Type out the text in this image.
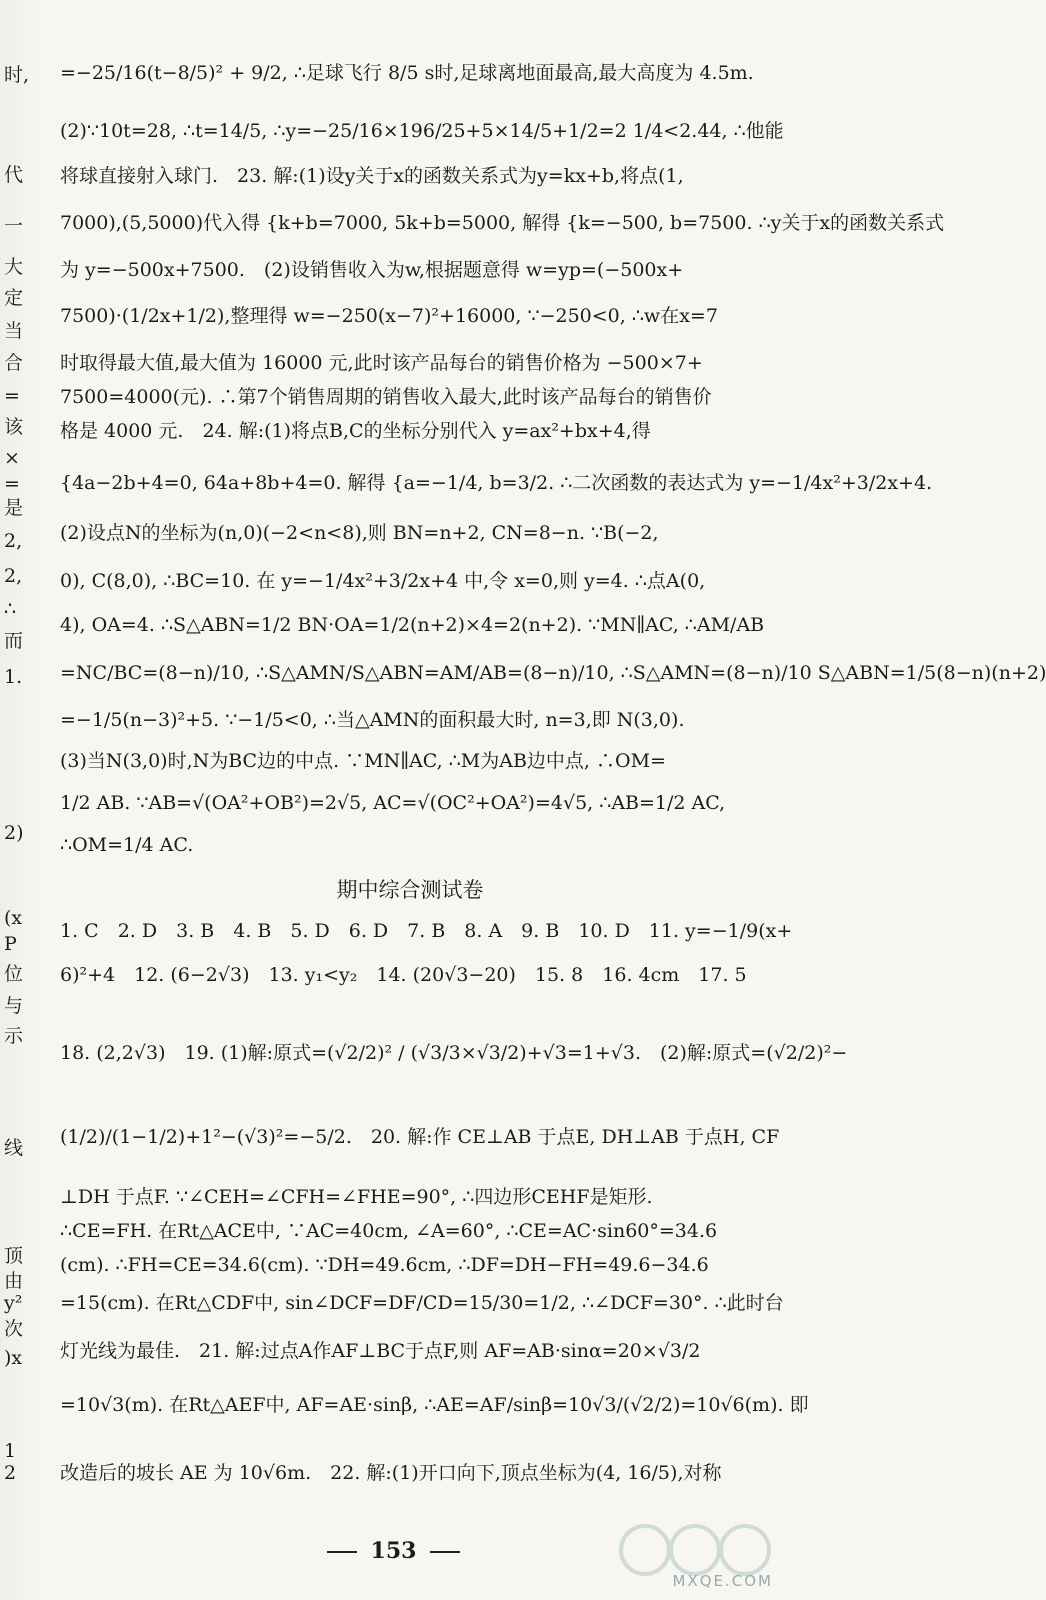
时,
代
一
大
定
当
合
=
该
×
=
是
2,
2,
∴
而
1.
2)
(x
P
位
与
示
线
顶
由
y²
次
)x
1
2
期中综合测试卷
=−25/16(t−8/5)² + 9/2, ∴足球飞行 8/5 s时,足球离地面最高,最大高度为 4.5m.
(2)∵10t=28, ∴t=14/5, ∴y=−25/16×196/25+5×14/5+1/2=2 1/4<2.44, ∴他能
将球直接射入球门.　23. 解:(1)设y关于x的函数关系式为y=kx+b,将点(1,
7000),(5,5000)代入得 {k+b=7000, 5k+b=5000, 解得 {k=−500, b=7500. ∴y关于x的函数关系式
为 y=−500x+7500.　(2)设销售收入为w,根据题意得 w=yp=(−500x+
7500)·(1/2x+1/2),整理得 w=−250(x−7)²+16000, ∵−250<0, ∴w在x=7
时取得最大值,最大值为 16000 元,此时该产品每台的销售价格为 −500×7+
7500=4000(元). ∴第7个销售周期的销售收入最大,此时该产品每台的销售价
格是 4000 元.　24. 解:(1)将点B,C的坐标分别代入 y=ax²+bx+4,得
{4a−2b+4=0, 64a+8b+4=0. 解得 {a=−1/4, b=3/2. ∴二次函数的表达式为 y=−1/4x²+3/2x+4.
(2)设点N的坐标为(n,0)(−2<n<8),则 BN=n+2, CN=8−n. ∵B(−2,
0), C(8,0), ∴BC=10. 在 y=−1/4x²+3/2x+4 中,令 x=0,则 y=4. ∴点A(0,
4), OA=4. ∴S△ABN=1/2 BN·OA=1/2(n+2)×4=2(n+2). ∵MN∥AC, ∴AM/AB
=NC/BC=(8−n)/10, ∴S△AMN/S△ABN=AM/AB=(8−n)/10, ∴S△AMN=(8−n)/10 S△ABN=1/5(8−n)(n+2)
=−1/5(n−3)²+5. ∵−1/5<0, ∴当△AMN的面积最大时, n=3,即 N(3,0).
(3)当N(3,0)时,N为BC边的中点. ∵MN∥AC, ∴M为AB边中点, ∴OM=
1/2 AB. ∵AB=√(OA²+OB²)=2√5, AC=√(OC²+OA²)=4√5, ∴AB=1/2 AC,
∴OM=1/4 AC.
1. C　2. D　3. B　4. B　5. D　6. D　7. B　8. A　9. B　10. D　11. y=−1/9(x+
6)²+4　12. (6−2√3)　13. y₁<y₂　14. (20√3−20)　15. 8　16. 4cm　17. 5
18. (2,2√3)　19. (1)解:原式=(√2/2)² / (√3/3×√3/2)+√3=1+√3.　(2)解:原式=(√2/2)²−
(1/2)/(1−1/2)+1²−(√3)²=−5/2.　20. 解:作 CE⊥AB 于点E, DH⊥AB 于点H, CF
⊥DH 于点F. ∵∠CEH=∠CFH=∠FHE=90°, ∴四边形CEHF是矩形.
∴CE=FH. 在Rt△ACE中, ∵AC=40cm, ∠A=60°, ∴CE=AC·sin60°=34.6
(cm). ∴FH=CE=34.6(cm). ∵DH=49.6cm, ∴DF=DH−FH=49.6−34.6
=15(cm). 在Rt△CDF中, sin∠DCF=DF/CD=15/30=1/2, ∴∠DCF=30°. ∴此时台
灯光线为最佳.　21. 解:过点A作AF⊥BC于点F,则 AF=AB·sinα=20×√3/2
=10√3(m). 在Rt△AEF中, AF=AE·sinβ, ∴AE=AF/sinβ=10√3/(√2/2)=10√6(m). 即
改造后的坡长 AE 为 10√6m.　22. 解:(1)开口向下,顶点坐标为(4, 16/5),对称
153
MXQE.COM
